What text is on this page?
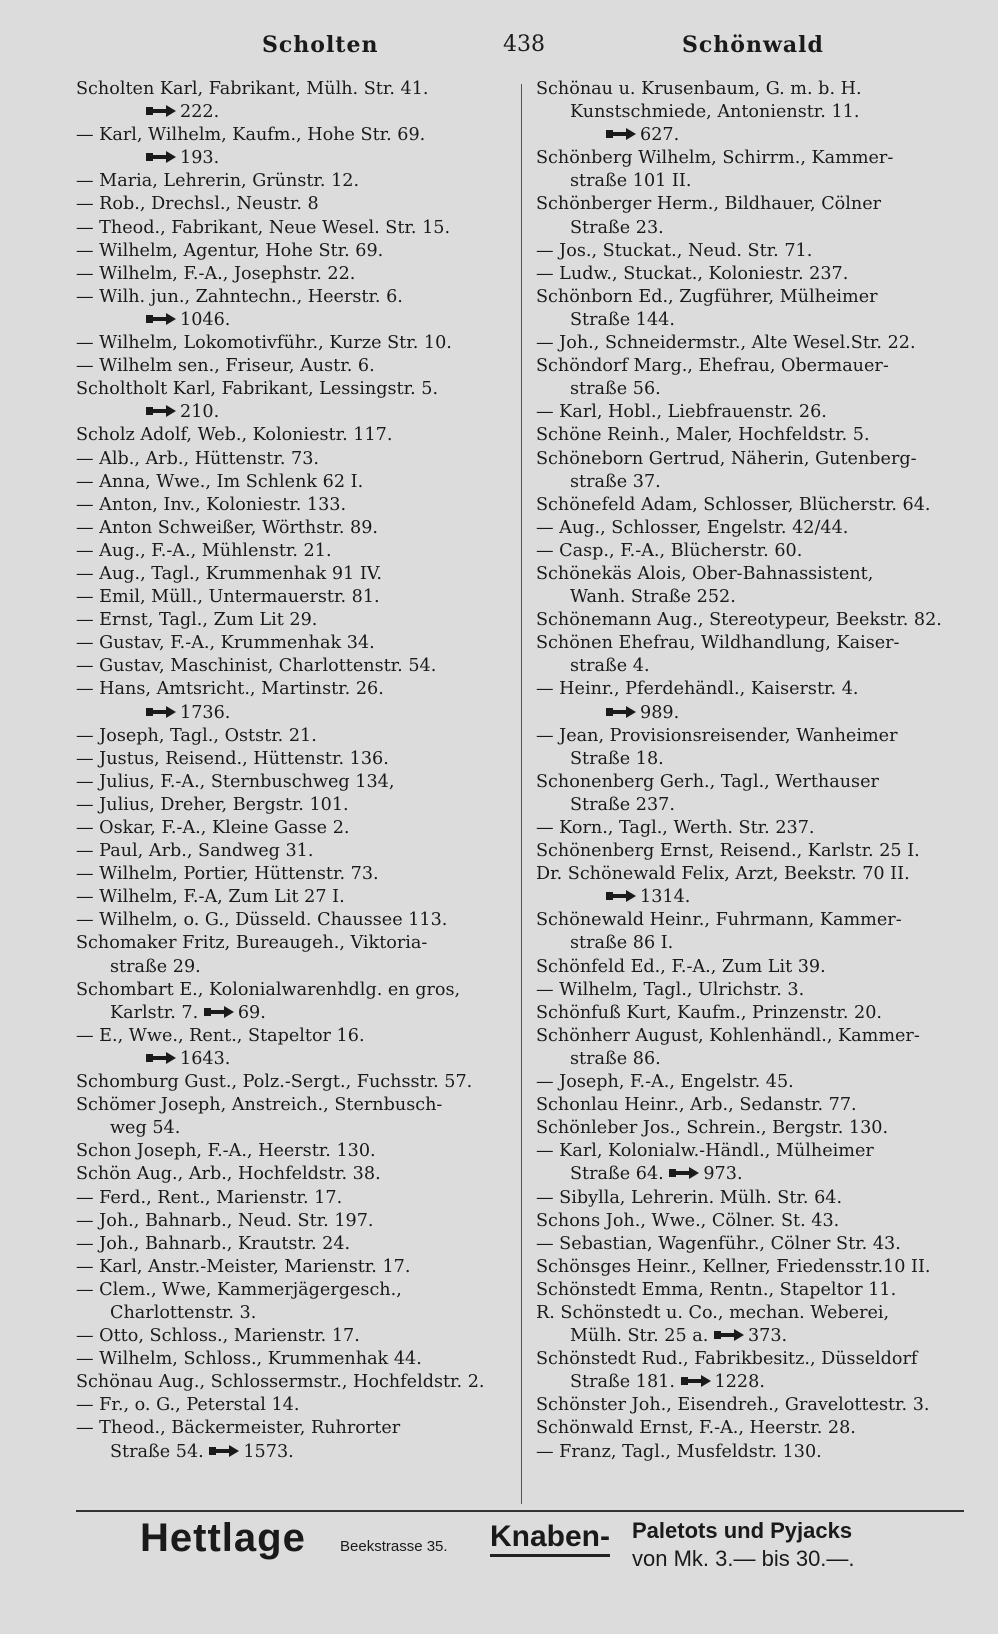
Scholten	438	Schönwald
Scholten Karl, Fabrikant, Mülh. Str. 41.
222.
— Karl, Wilhelm, Kaufm., Hohe Str. 69.
193.
— Maria, Lehrerin, Grünstr. 12.
— Rob., Drechsl., Neustr. 8
— Theod., Fabrikant, Neue Wesel. Str. 15.
— Wilhelm, Agentur, Hohe Str. 69.
— Wilhelm, F.-A., Josephstr. 22.
— Wilh. jun., Zahntechn., Heerstr. 6.
1046.
— Wilhelm, Lokomotivführ., Kurze Str. 10.
— Wilhelm sen., Friseur, Austr. 6.
Scholtholt Karl, Fabrikant, Lessingstr. 5.
210.
Scholz Adolf, Web., Koloniestr. 117.
— Alb., Arb., Hüttenstr. 73.
— Anna, Wwe., Im Schlenk 62 I.
— Anton, Inv., Koloniestr. 133.
— Anton Schweißer, Wörthstr. 89.
— Aug., F.-A., Mühlenstr. 21.
— Aug., Tagl., Krummenhak 91 IV.
— Emil, Müll., Untermauerstr. 81.
— Ernst, Tagl., Zum Lit 29.
— Gustav, F.-A., Krummenhak 34.
— Gustav, Maschinist, Charlottenstr. 54.
— Hans, Amtsricht., Martinstr. 26.
1736.
— Joseph, Tagl., Oststr. 21.
— Justus, Reisend., Hüttenstr. 136.
— Julius, F.-A., Sternbuschweg 134,
— Julius, Dreher, Bergstr. 101.
— Oskar, F.-A., Kleine Gasse 2.
— Paul, Arb., Sandweg 31.
— Wilhelm, Portier, Hüttenstr. 73.
— Wilhelm, F.-A, Zum Lit 27 I.
— Wilhelm, o. G., Düsseld. Chaussee 113.
Schomaker Fritz, Bureaugeh., Viktoria-

straße 29.
Schombart E., Kolonialwarenhdlg. en gros,

Karlstr. 7. 69.
— E., Wwe., Rent., Stapeltor 16.
1643.
Schomburg Gust., Polz.-Sergt., Fuchsstr. 57.
Schömer Joseph, Anstreich., Sternbusch-

weg 54.
Schon Joseph, F.-A., Heerstr. 130.
Schön Aug., Arb., Hochfeldstr. 38.
— Ferd., Rent., Marienstr. 17.
— Joh., Bahnarb., Neud. Str. 197.
— Joh., Bahnarb., Krautstr. 24.
— Karl, Anstr.-Meister, Marienstr. 17.
— Clem., Wwe, Kammerjägergesch.,

Charlottenstr. 3.
— Otto, Schloss., Marienstr. 17.
— Wilhelm, Schloss., Krummenhak 44.
Schönau Aug., Schlossermstr., Hochfeldstr. 2.
— Fr., o. G., Peterstal 14.
— Theod., Bäckermeister, Ruhrorter

Straße 54. 1573.
Schönau u. Krusenbaum, G. m. b. H.

Kunstschmiede, Antonienstr. 11.
627.
Schönberg Wilhelm, Schirrm., Kammer-

straße 101 II.
Schönberger Herm., Bildhauer, Cölner

Straße 23.
— Jos., Stuckat., Neud. Str. 71.
— Ludw., Stuckat., Koloniestr. 237.
Schönborn Ed., Zugführer, Mülheimer

Straße 144.
— Joh., Schneidermstr., Alte Wesel.Str. 22.
Schöndorf Marg., Ehefrau, Obermauer-

straße 56.
— Karl, Hobl., Liebfrauenstr. 26.
Schöne Reinh., Maler, Hochfeldstr. 5.
Schöneborn Gertrud, Näherin, Gutenberg-

straße 37.
Schönefeld Adam, Schlosser, Blücherstr. 64.
— Aug., Schlosser, Engelstr. 42/44.
— Casp., F.-A., Blücherstr. 60.
Schönekäs Alois, Ober-Bahnassistent,

Wanh. Straße 252.
Schönemann Aug., Stereotypeur, Beekstr. 82.
Schönen Ehefrau, Wildhandlung, Kaiser-

straße 4.
— Heinr., Pferdehändl., Kaiserstr. 4.
989.
— Jean, Provisionsreisender, Wanheimer

Straße 18.
Schonenberg Gerh., Tagl., Werthauser

Straße 237.
— Korn., Tagl., Werth. Str. 237.
Schönenberg Ernst, Reisend., Karlstr. 25 I.
Dr. Schönewald Felix, Arzt, Beekstr. 70 II.
1314.
Schönewald Heinr., Fuhrmann, Kammer-

straße 86 I.
Schönfeld Ed., F.-A., Zum Lit 39.
— Wilhelm, Tagl., Ulrichstr. 3.
Schönfuß Kurt, Kaufm., Prinzenstr. 20.
Schönherr August, Kohlenhändl., Kammer-

straße 86.
— Joseph, F.-A., Engelstr. 45.
Schonlau Heinr., Arb., Sedanstr. 77.
Schönleber Jos., Schrein., Bergstr. 130.
— Karl, Kolonialw.-Händl., Mülheimer

Straße 64. 973.
— Sibylla, Lehrerin. Mülh. Str. 64.
Schons Joh., Wwe., Cölner. St. 43.
— Sebastian, Wagenführ., Cölner Str. 43.
Schönsges Heinr., Kellner, Friedensstr.10 II.
Schönstedt Emma, Rentn., Stapeltor 11.
R. Schönstedt u. Co., mechan. Weberei,

Mülh. Str. 25 a. 373.
Schönstedt Rud., Fabrikbesitz., Düsseldorf

Straße 181. 1228.
Schönster Joh., Eisendreh., Gravelottestr. 3.
Schönwald Ernst, F.-A., Heerstr. 28.
— Franz, Tagl., Musfeldstr. 130.
Hettlage Beekstrasse 35. Knaben- Paletots und Pyjacks
von Mk. 3.— bis 30.—.
